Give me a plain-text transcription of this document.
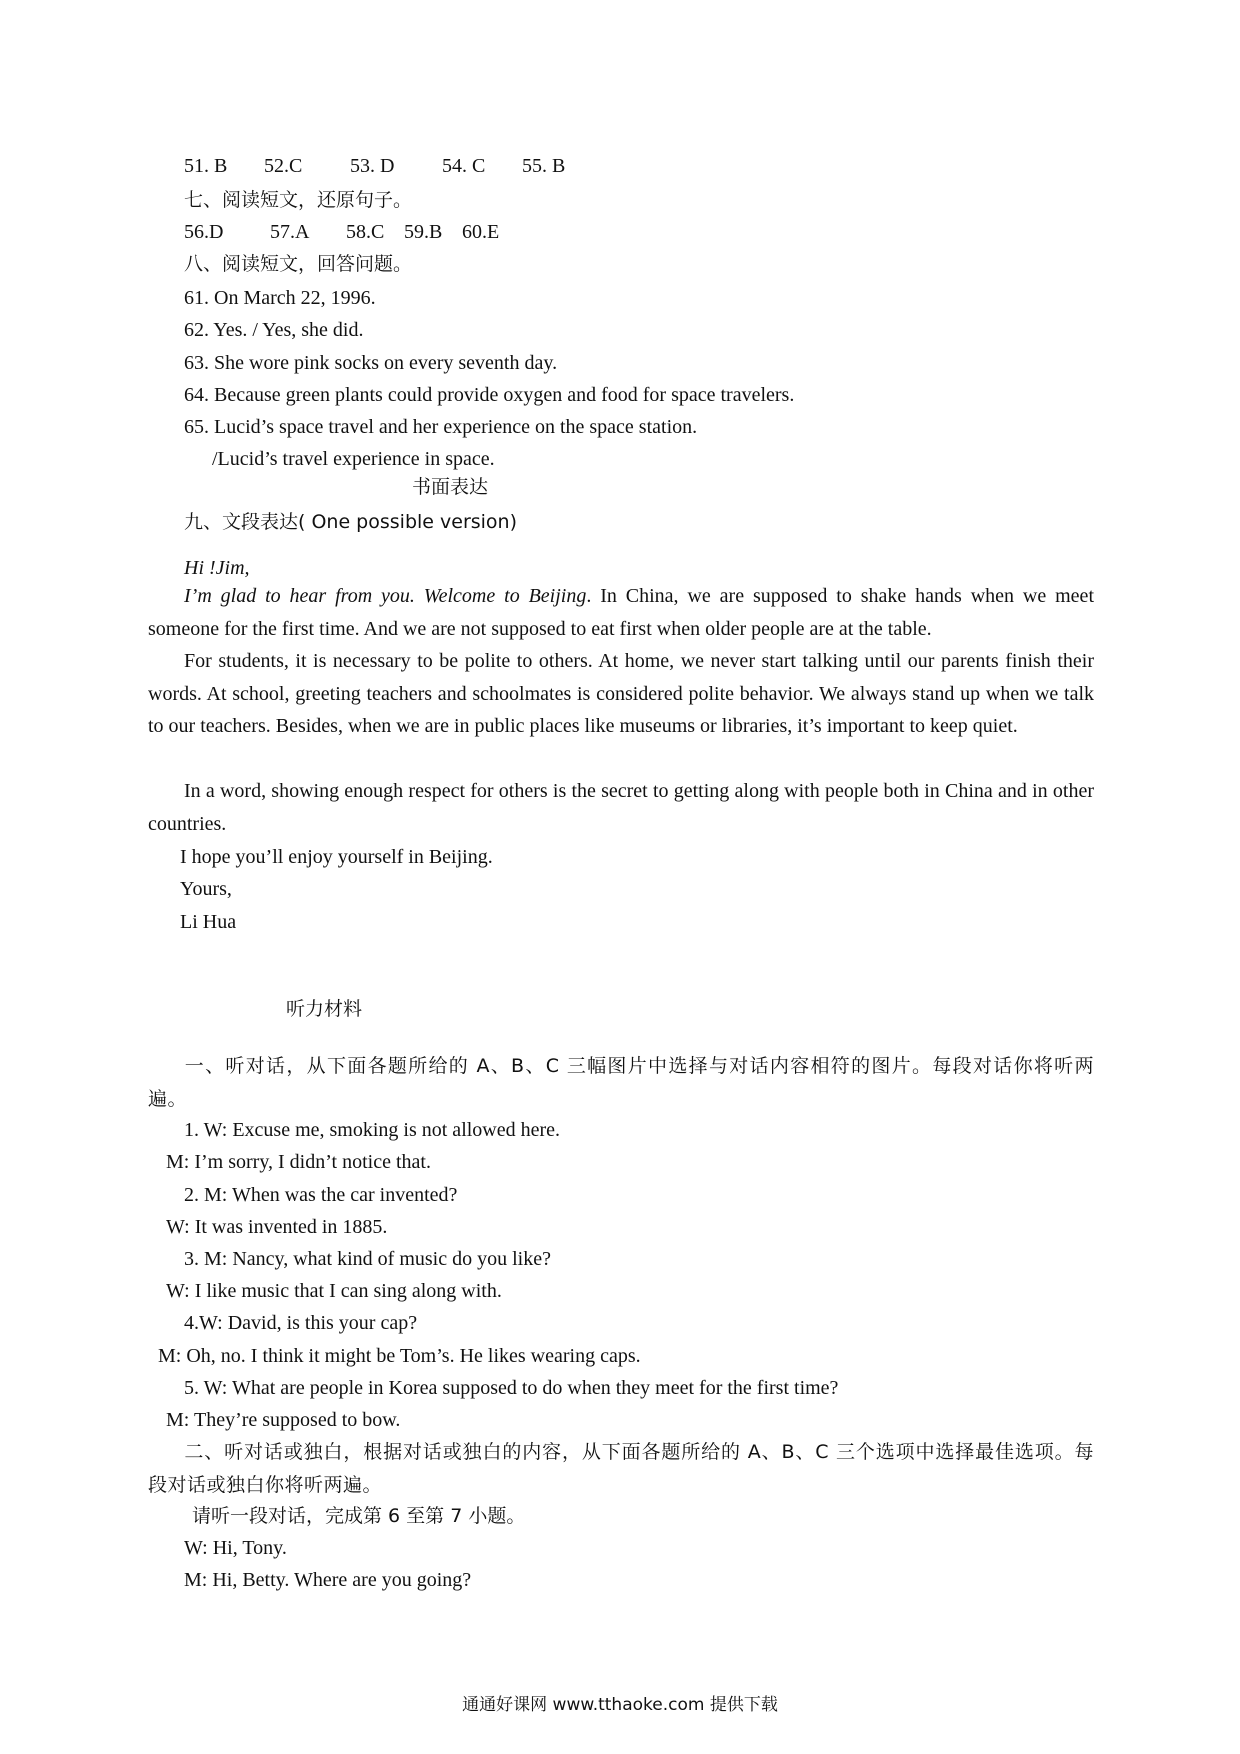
51. B 52.C 53. D 54. C 55. B
七、阅读短文，还原句子。
56.D 57.A 58.C 59.B 60.E
八、阅读短文，回答问题。
61. On March 22, 1996.
62. Yes. / Yes, she did.
63. She wore pink socks on every seventh day.
64. Because green plants could provide oxygen and food for space travelers.
65. Lucid’s space travel and her experience on the space station.
/Lucid’s travel experience in space.
书面表达
九、文段表达( One possible version)
Hi !Jim,
I’m glad to hear from you. Welcome to Beijing. In China, we are supposed to shake hands when we meet someone for the first time. And we are not supposed to eat first when older people are at the table.
For students, it is necessary to be polite to others. At home, we never start talking until our parents finish their words. At school, greeting teachers and schoolmates is considered polite behavior. We always stand up when we talk to our teachers. Besides, when we are in public places like museums or libraries, it’s important to keep quiet.
In a word, showing enough respect for others is the secret to getting along with people both in China and in other countries.
I hope you’ll enjoy yourself in Beijing.
Yours,
Li Hua
听力材料
一、听对话，从下面各题所给的 A、B、C 三幅图片中选择与对话内容相符的图片。每段对话你将听两遍。
1. W: Excuse me, smoking is not allowed here.
M: I’m sorry, I didn’t notice that.
2. M: When was the car invented?
W: It was invented in 1885.
3. M: Nancy, what kind of music do you like?
W: I like music that I can sing along with.
4.W: David, is this your cap?
M: Oh, no. I think it might be Tom’s. He likes wearing caps.
5. W: What are people in Korea supposed to do when they meet for the first time?
M: They’re supposed to bow.
二、听对话或独白，根据对话或独白的内容，从下面各题所给的 A、B、C 三个选项中选择最佳选项。每段对话或独白你将听两遍。
请听一段对话，完成第 6 至第 7 小题。
W: Hi, Tony.
M: Hi, Betty. Where are you going?
通通好课网 www.tthaoke.com 提供下载
